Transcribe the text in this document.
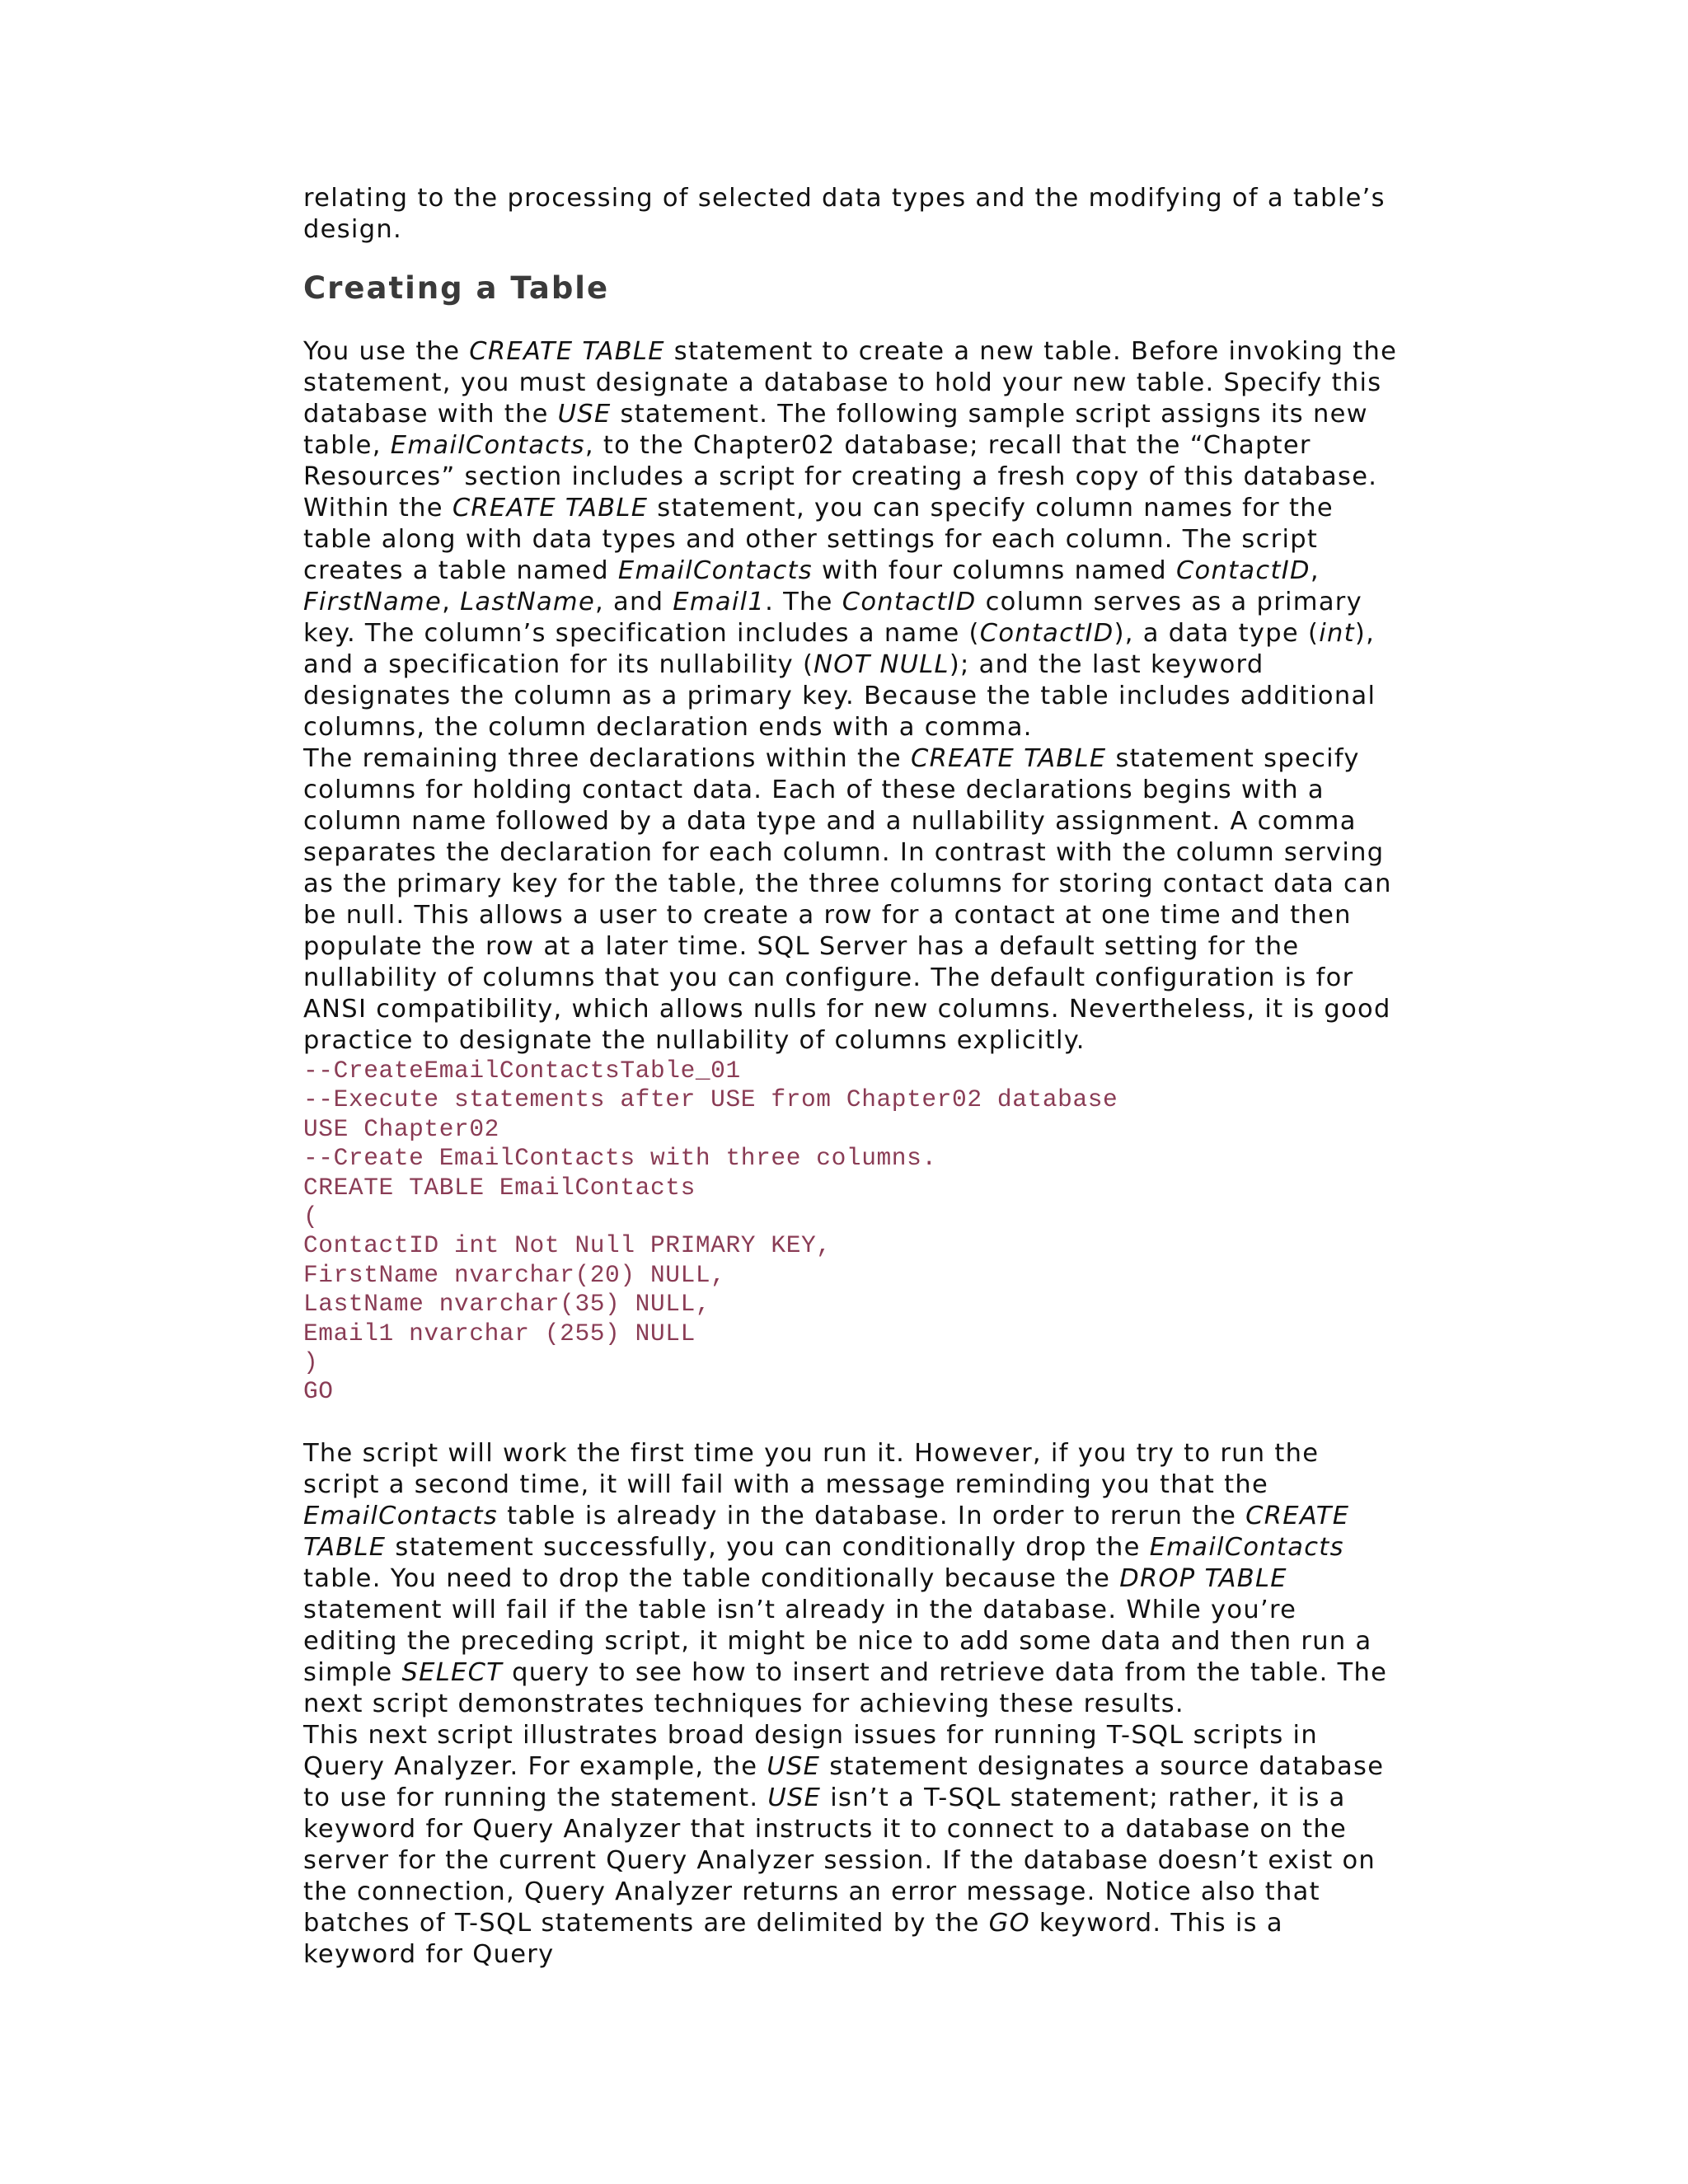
relating to the processing of selected data types and the modifying of a table’s design.

Creating a Table

You use the CREATE TABLE statement to create a new table. Before invoking the statement, you must designate a database to hold your new table. Specify this database with the USE statement. The following sample script assigns its new table, EmailContacts, to the Chapter02 database; recall that the “Chapter Resources” section includes a script for creating a fresh copy of this database. Within the CREATE TABLE statement, you can specify column names for the table along with data types and other settings for each column. The script creates a table named EmailContacts with four columns named ContactID, FirstName, LastName, and Email1. The ContactID column serves as a primary key. The column’s specification includes a name (ContactID), a data type (int), and a specification for its nullability (NOT NULL); and the last keyword designates the column as a primary key. Because the table includes additional columns, the column declaration ends with a comma.

The remaining three declarations within the CREATE TABLE statement specify columns for holding contact data. Each of these declarations begins with a column name followed by a data type and a nullability assignment. A comma separates the declaration for each column. In contrast with the column serving as the primary key for the table, the three columns for storing contact data can be null. This allows a user to create a row for a contact at one time and then populate the row at a later time. SQL Server has a default setting for the nullability of columns that you can configure. The default configuration is for ANSI compatibility, which allows nulls for new columns. Nevertheless, it is good practice to designate the nullability of columns explicitly.

--CreateEmailContactsTable_01
--Execute statements after USE from Chapter02 database
USE Chapter02
--Create EmailContacts with three columns.
CREATE TABLE EmailContacts
(
ContactID int Not Null PRIMARY KEY,
FirstName nvarchar(20) NULL,
LastName nvarchar(35) NULL,
Email1 nvarchar (255) NULL
)
GO

The script will work the first time you run it. However, if you try to run the script a second time, it will fail with a message reminding you that the EmailContacts table is already in the database. In order to rerun the CREATE TABLE statement successfully, you can conditionally drop the EmailContacts table. You need to drop the table conditionally because the DROP TABLE statement will fail if the table isn’t already in the database. While you’re editing the preceding script, it might be nice to add some data and then run a simple SELECT query to see how to insert and retrieve data from the table. The next script demonstrates techniques for achieving these results.

This next script illustrates broad design issues for running T-SQL scripts in Query Analyzer. For example, the USE statement designates a source database to use for running the statement. USE isn’t a T-SQL statement; rather, it is a keyword for Query Analyzer that instructs it to connect to a database on the server for the current Query Analyzer session. If the database doesn’t exist on the connection, Query Analyzer returns an error message. Notice also that batches of T-SQL statements are delimited by the GO keyword. This is a keyword for Query
